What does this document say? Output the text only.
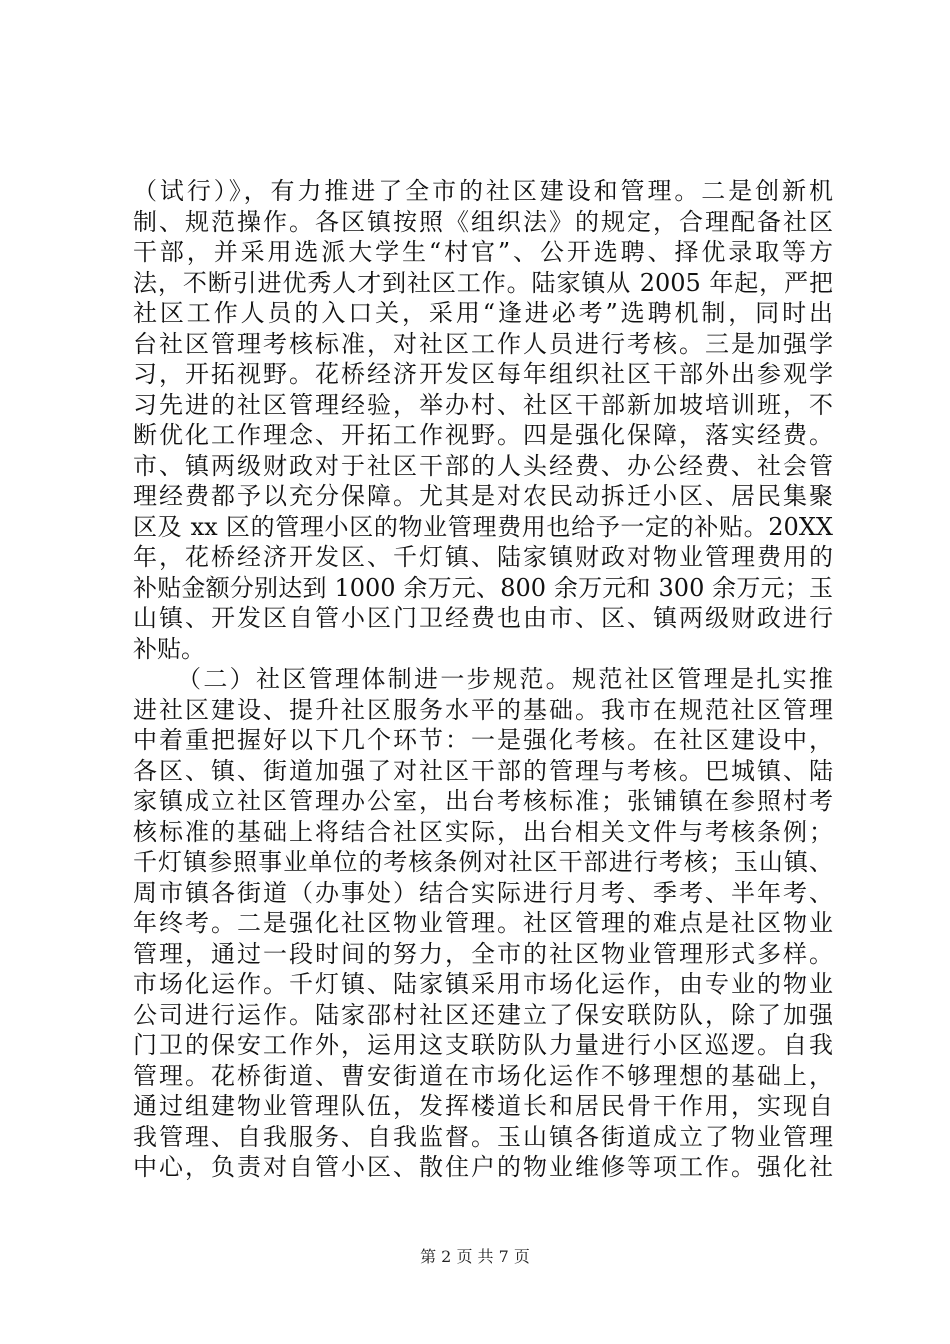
（试行）》，有力推进了全市的社区建设和管理。二是创新机
制、规范操作。各区镇按照《组织法》的规定，合理配备社区
干部，并采用选派大学生“村官”、公开选聘、择优录取等方
法，不断引进优秀人才到社区工作。陆家镇从 2005 年起，严把
社区工作人员的入口关，采用“逢进必考”选聘机制，同时出
台社区管理考核标准，对社区工作人员进行考核。三是加强学
习，开拓视野。花桥经济开发区每年组织社区干部外出参观学
习先进的社区管理经验，举办村、社区干部新加坡培训班，不
断优化工作理念、开拓工作视野。四是强化保障，落实经费。
市、镇两级财政对于社区干部的人头经费、办公经费、社会管
理经费都予以充分保障。尤其是对农民动拆迁小区、居民集聚
区及 xx 区的管理小区的物业管理费用也给予一定的补贴。20XX
年，花桥经济开发区、千灯镇、陆家镇财政对物业管理费用的
补贴金额分别达到 1000 余万元、800 余万元和 300 余万元；玉
山镇、开发区自管小区门卫经费也由市、区、镇两级财政进行
补贴。
（二）社区管理体制进一步规范。规范社区管理是扎实推
进社区建设、提升社区服务水平的基础。我市在规范社区管理
中着重把握好以下几个环节：一是强化考核。在社区建设中，
各区、镇、街道加强了对社区干部的管理与考核。巴城镇、陆
家镇成立社区管理办公室，出台考核标准；张铺镇在参照村考
核标准的基础上将结合社区实际，出台相关文件与考核条例；
千灯镇参照事业单位的考核条例对社区干部进行考核；玉山镇、
周市镇各街道（办事处）结合实际进行月考、季考、半年考、
年终考。二是强化社区物业管理。社区管理的难点是社区物业
管理，通过一段时间的努力，全市的社区物业管理形式多样。
市场化运作。千灯镇、陆家镇采用市场化运作，由专业的物业
公司进行运作。陆家邵村社区还建立了保安联防队，除了加强
门卫的保安工作外，运用这支联防队力量进行小区巡逻。自我
管理。花桥街道、曹安街道在市场化运作不够理想的基础上，
通过组建物业管理队伍，发挥楼道长和居民骨干作用，实现自
我管理、自我服务、自我监督。玉山镇各街道成立了物业管理
中心，负责对自管小区、散住户的物业维修等项工作。强化社
第 2 页 共 7 页
